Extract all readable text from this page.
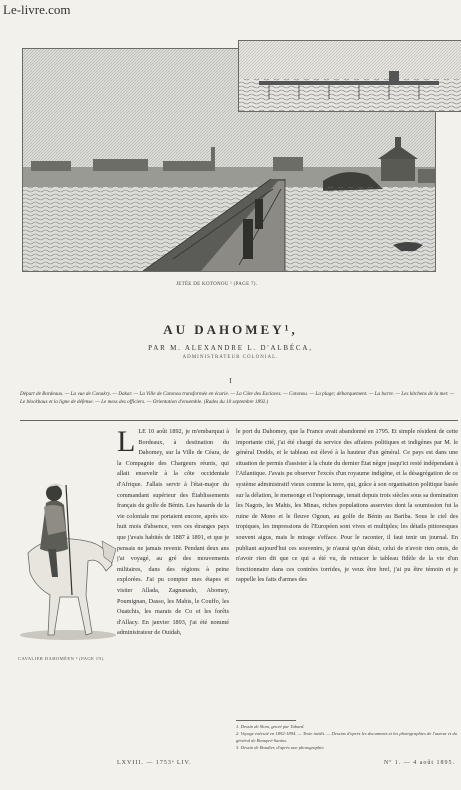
Le-livre.com
JETÉE DE KOTONOU ¹ (PAGE 7).
AU DAHOMEY¹,
PAR M. ALEXANDRE L. D'ALBÉCA,
ADMINISTRATEUR COLONIAL.
I
Départ de Bordeaux. — La vue de Conakry. — Dakar. — La Ville de Cotonou transformée en écurie. — La Côte des Esclaves. — Cotonou. — La plage; débarquement. — La barre. — Les kitchens de la mer. — Le blockhaus et la ligne de défense. — Le mess des officiers. — Orientation d'ensemble. (Rades du 10 septembre 1892.)
CAVALIER DAHOMÉEN ² (PAGE 19).
LLE 10 août 1892, je m'embarquai à Bordeaux, à destination du Dahomey, sur la Ville de Céara, de la Compagnie des Chargeurs réunis, qui allait ensevelir à la côte occidentale d'Afrique. J'allais servir à l'état-major du commandant supérieur des Établissements français du golfe de Bénin. Les hasards de la vie coloniale me portaient encore, après six-huit mois d'absence, vers ces étranges pays que j'avais habités de 1887 à 1891, et que je pensais ne jamais revenir. Pendant deux ans j'ai voyagé, au gré des mouvements militaires, dans des régions à peine explorées. J'ai pu compter mes étapes et visiter Allada, Zagnanado, Abomey, Poumignan, Dasso, les Mahis, le Couffo, les Ouatchis, les marais de Co et les forêts d'Allacy. En janvier 1893, j'ai été nommé administrateur de Ouidah,
le port du Dahomey, que la France avait abandonné en 1795. Et simple résident de cette importante cité, j'ai été chargé du service des affaires politiques et indigènes par M. le général Dodds, et le tableau est élevé à la hauteur d'un général. Ce pays est dans une situation de permis d'assister à la chute du dernier État nègre jusqu'ici resté indépendant à l'Atlantique. J'avais pu observer l'excès d'un royaume indigène, et la désagrégation de ce système administratif vieux comme la terre, qui, grâce à son organisation politique basée sur la délation, le mensonge et l'espionnage, tenait depuis trois siècles sous sa domination les Nagots, les Mahis, les Minas, riches populations asservies dont la soumission fut la ruine de Mono et le fleuve Ogoun, au golfe de Bénin au Bariba. Sous le ciel des tropiques, les impressions de l'Européen sont vives et multiples; les détails pittoresques souvent aigus, mais le mirage s'efface. Pour le raconter, il faut tenir un journal. En publiant aujourd'hui ces souvenirs, je n'aurai qu'un désir, celui de n'avoir rien omis, de n'avoir rien dit que ce qui a été vu, de retracer le tableau fidèle de la vie d'un fonctionnaire dans ces contrées torrides, je veux être bref, j'ai pu être témoin et je rappelle les faits d'armes des
1. Dessin de Slom, gravé par Tabard.
2. Voyage exécuté en 1892-1894. — Texte inédit. — Dessins d'après les documents et les photographies de l'auteur et du général de Beaupré-Santos.
3. Dessin de Boudier, d'après une photographie.
LXVIII. — 1753ᵉ LIV.	Nº 1. — 4 août 1895.
